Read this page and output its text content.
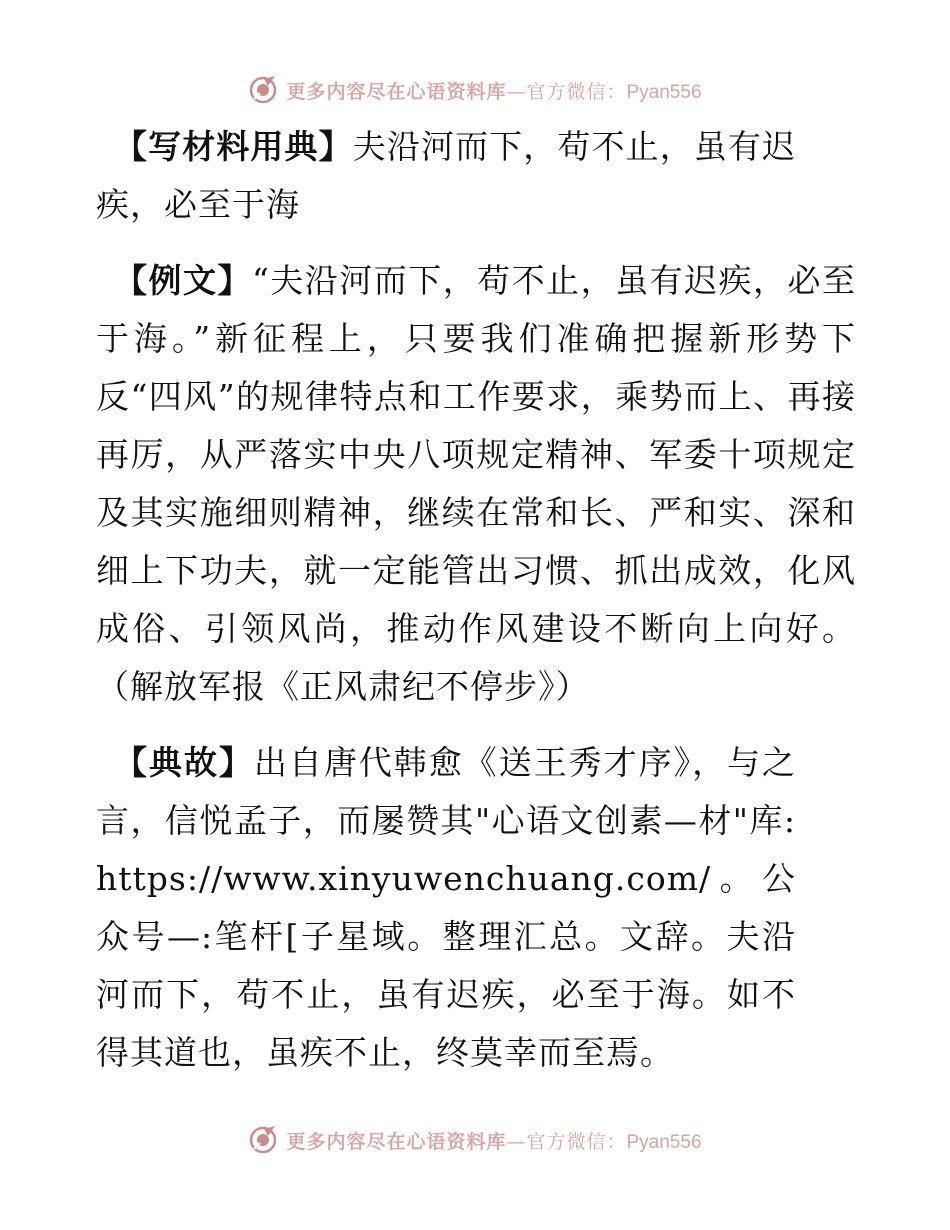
更多内容尽在心语资料库—官方微信：Pyan556

【写材料用典】夫沿河而下，苟不止，虽有迟疾，必至于海

【例文】“夫沿河而下，苟不止，虽有迟疾，必至于海。”新征程上，只要我们准确把握新形势下反“四风”的规律特点和工作要求，乘势而上、再接再厉，从严落实中央八项规定精神、军委十项规定及其实施细则精神，继续在常和长、严和实、深和细上下功夫，就一定能管出习惯、抓出成效，化风成俗、引领风尚，推动作风建设不断向上向好。（解放军报《正风肃纪不停步》）

【典故】出自唐代韩愈《送王秀才序》，与之言，信悦孟子，而屡赞其"心语文创素—材"库:https://www.xinyuwenchuang.com/。公众号—:笔杆[子星域。整理汇总。文辞。夫沿河而下，苟不止，虽有迟疾，必至于海。如不得其道也，虽疾不止，终莫幸而至焉。

更多内容尽在心语资料库—官方微信：Pyan556
